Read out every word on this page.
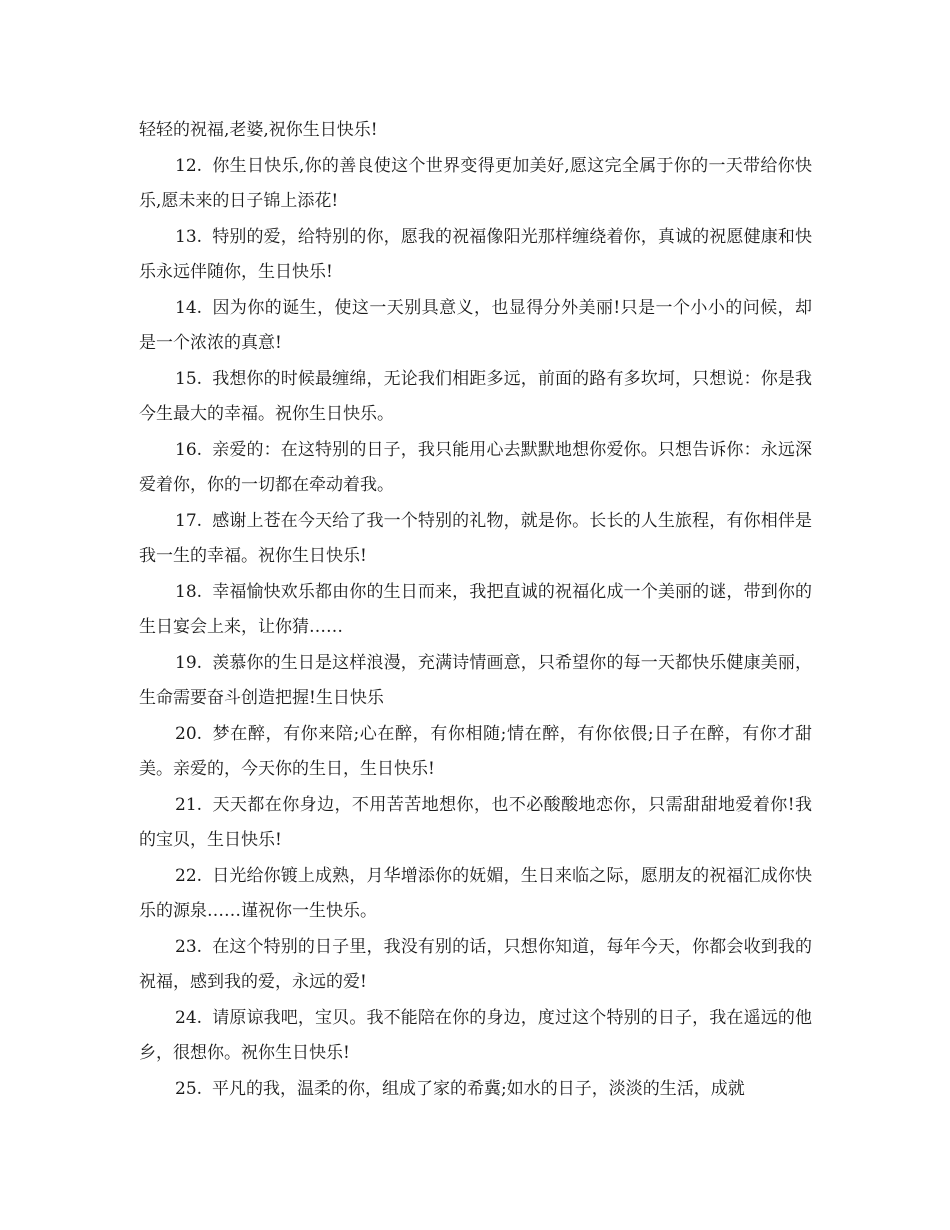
轻轻的祝福,老婆,祝你生日快乐!

12. 你生日快乐,你的善良使这个世界变得更加美好,愿这完全属于你的一天带给你快乐,愿未来的日子锦上添花!

13. 特别的爱，给特别的你，愿我的祝福像阳光那样缠绕着你，真诚的祝愿健康和快乐永远伴随你，生日快乐!

14. 因为你的诞生，使这一天别具意义，也显得分外美丽!只是一个小小的问候，却是一个浓浓的真意!

15. 我想你的时候最缠绵，无论我们相距多远，前面的路有多坎坷，只想说：你是我今生最大的幸福。祝你生日快乐。

16. 亲爱的：在这特别的日子，我只能用心去默默地想你爱你。只想告诉你：永远深爱着你，你的一切都在牵动着我。

17. 感谢上苍在今天给了我一个特别的礼物，就是你。长长的人生旅程，有你相伴是我一生的幸福。祝你生日快乐!

18. 幸福愉快欢乐都由你的生日而来，我把直诚的祝福化成一个美丽的谜，带到你的生日宴会上来，让你猜……

19. 羡慕你的生日是这样浪漫，充满诗情画意，只希望你的每一天都快乐健康美丽，生命需要奋斗创造把握!生日快乐

20. 梦在醉，有你来陪;心在醉，有你相随;情在醉，有你依偎;日子在醉，有你才甜美。亲爱的，今天你的生日，生日快乐!

21. 天天都在你身边，不用苦苦地想你，也不必酸酸地恋你，只需甜甜地爱着你!我的宝贝，生日快乐!

22. 日光给你镀上成熟，月华增添你的妩媚，生日来临之际，愿朋友的祝福汇成你快乐的源泉……谨祝你一生快乐。

23. 在这个特别的日子里，我没有别的话，只想你知道，每年今天，你都会收到我的祝福，感到我的爱，永远的爱!

24. 请原谅我吧，宝贝。我不能陪在你的身边，度过这个特别的日子，我在遥远的他乡，很想你。祝你生日快乐!

25. 平凡的我，温柔的你，组成了家的希冀;如水的日子，淡淡的生活，成就
